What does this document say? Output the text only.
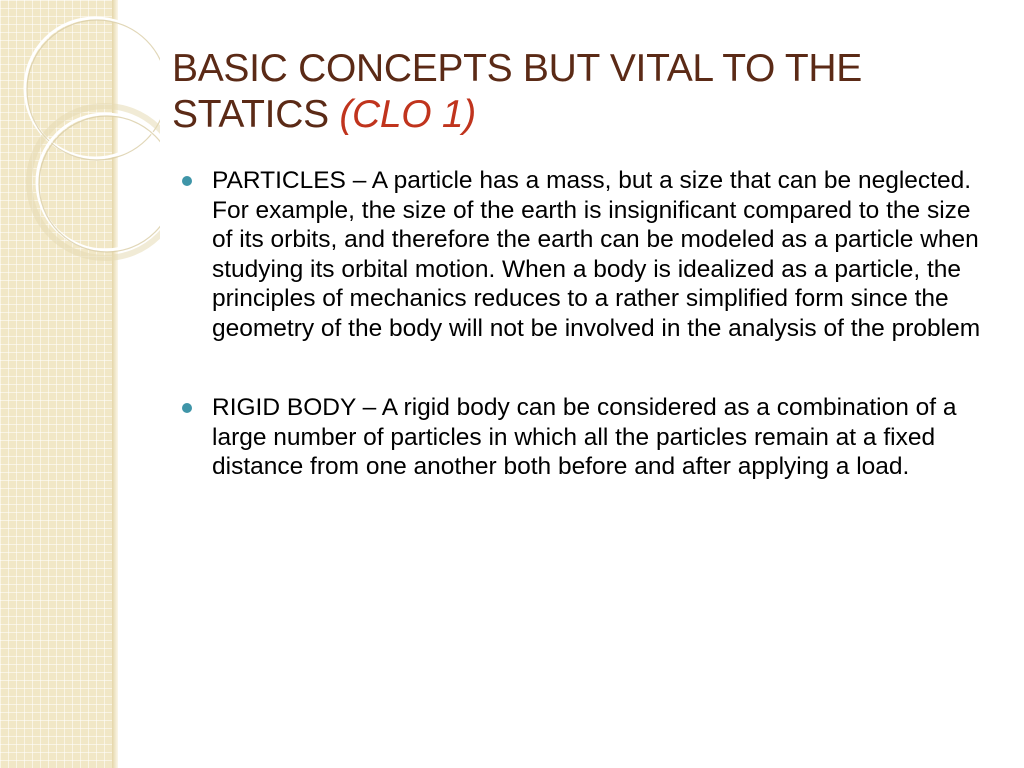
BASIC CONCEPTS BUT VITAL TO THE STATICS (CLO 1)
PARTICLES – A particle has a mass, but a size that can be neglected. For example, the size of the earth is insignificant compared to the size of its orbits, and therefore the earth can be modeled as a particle when studying its orbital motion. When a body is idealized as a particle, the principles of mechanics reduces to a rather simplified form since the geometry of the body will not be involved in the analysis of the problem
RIGID BODY – A rigid body can be considered as a combination of a large number of particles in which all the particles remain at a fixed distance from one another both before and after applying a load.
